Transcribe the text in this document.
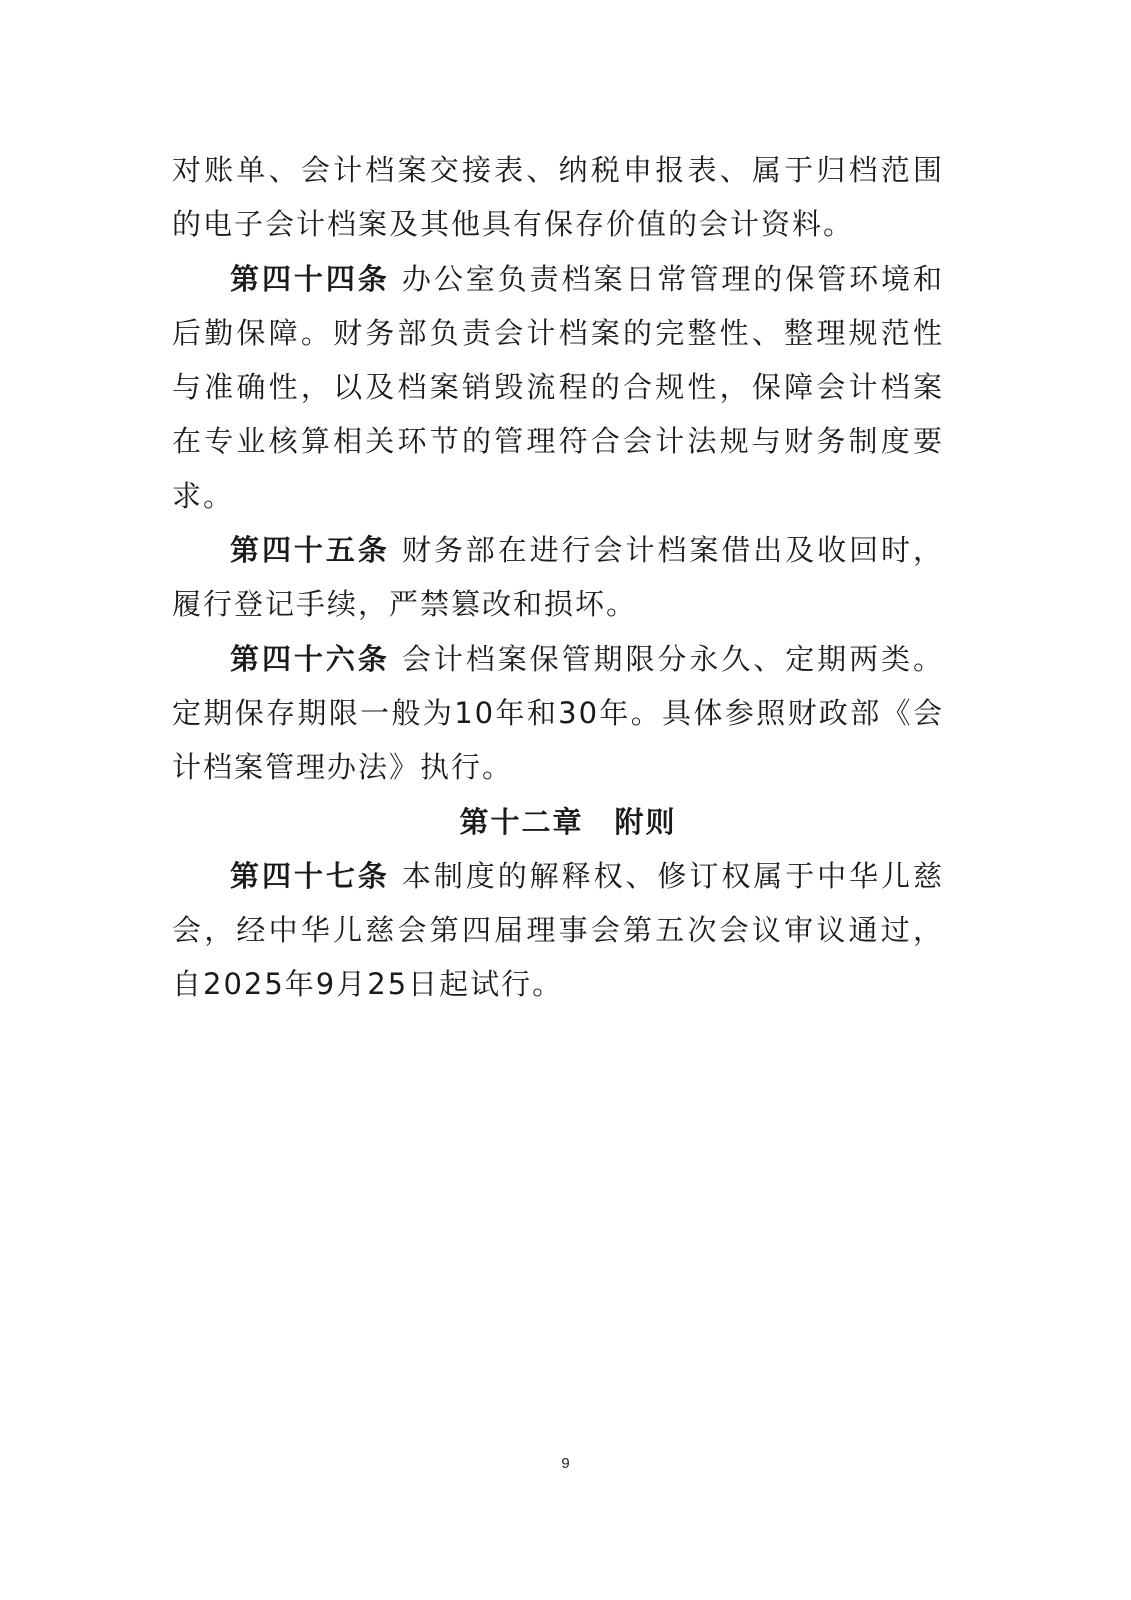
对账单、会计档案交接表、纳税申报表、属于归档范围的电子会计档案及其他具有保存价值的会计资料。

第四十四条 办公室负责档案日常管理的保管环境和后勤保障。财务部负责会计档案的完整性、整理规范性与准确性，以及档案销毁流程的合规性，保障会计档案在专业核算相关环节的管理符合会计法规与财务制度要求。

第四十五条 财务部在进行会计档案借出及收回时，履行登记手续，严禁篡改和损坏。

第四十六条 会计档案保管期限分永久、定期两类。定期保存期限一般为10年和30年。具体参照财政部《会计档案管理办法》执行。

第十二章　附则

第四十七条 本制度的解释权、修订权属于中华儿慈会，经中华儿慈会第四届理事会第五次会议审议通过，自2025年9月25日起试行。

9
